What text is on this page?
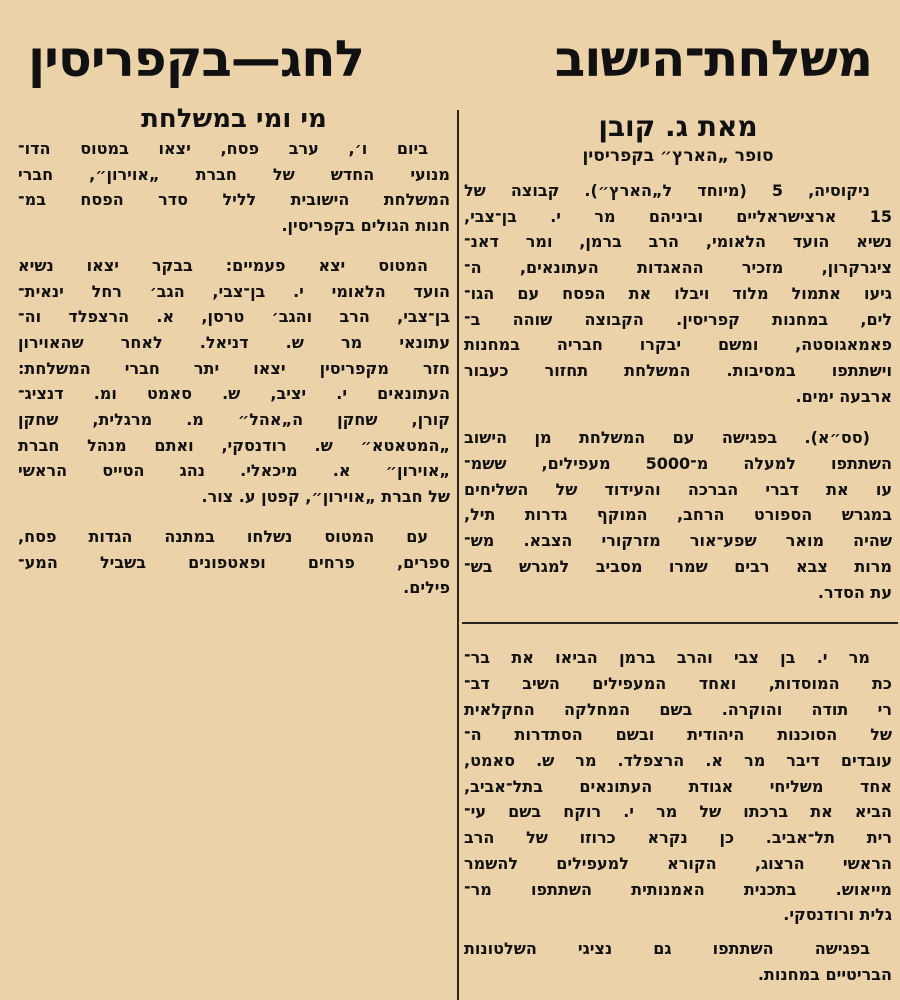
משלחת־הישוב לחג—בקפריסין
מי ומי במשלחת
ביום ו׳, ערב פסח, יצאו במטוס הדו־
מנועי החדש של חברת „אוירון״, חברי
המשלחת הישובית לליל סדר הפסח במ־
חנות הגולים בקפריסין.
המטוס יצא פעמיים: בבקר יצאו נשיא
הועד הלאומי י. בן־צבי, הגב׳ רחל ינאית־
בן־צבי, הרב והגב׳ טרסן, א. הרצפלד וה־
עתונאי מר ש. דניאל. לאחר שהאוירון
חזר מקפריסין יצאו יתר חברי המשלחת:
העתונאים י. יציב, ש. סאמט ומ. דנציג־
קורן, שחקן ה„אהל״ מ. מרגלית, שחקן
„המטאטא״ ש. רודנסקי, ואתם מנהל חברת
„אוירון״ א. מיכאלי. נהג הטייס הראשי
של חברת „אוירון״, קפטן ע. צור.
עם המטוס נשלחו במתנה הגדות פסח,
ספרים, פרחים ופאטפונים בשביל המע־
פילים.
מאת ג. קובן
סופר „הארץ״ בקפריסין
ניקוסיה, 5 (מיוחד ל„הארץ״). קבוצה של
15 ארצישראליים וביניהם מר י. בן־צבי,
נשיא הועד הלאומי, הרב ברמן, ומר דאנ־
ציגרקרון, מזכיר ההאגדות העתונאים, ה־
גיעו אתמול מלוד ויבלו את הפסח עם הגו־
לים, במחנות קפריסין. הקבוצה שוהה ב־
פאמאגוסטה, ומשם יבקרו חבריה במחנות
וישתתפו במסיבות. המשלחת תחזור כעבור
ארבעה ימים.
(סס״א). בפגישה עם המשלחת מן הישוב
השתתפו למעלה מ־5000 מעפילים, ששמ־
עו את דברי הברכה והעידוד של השליחים
במגרש הספורט הרחב, המוקף גדרות תיל,
שהיה מואר שפע־אור מזרקורי הצבא. מש־
מרות צבא רבים שמרו מסביב למגרש בש־
עת הסדר.
מר י. בן צבי והרב ברמן הביאו את בר־
כת המוסדות, ואחד המעפילים השיב דב־
רי תודה והוקרה. בשם המחלקה החקלאית
של הסוכנות היהודית ובשם הסתדרות ה־
עובדים דיבר מר א. הרצפלד. מר ש. סאמט,
אחד משליחי אגודת העתונאים בתל־אביב,
הביא את ברכתו של מר י. רוקח בשם עי־
רית תל־אביב. כן נקרא כרוזו של הרב
הראשי הרצוג, הקורא למעפילים להשמר
מייאוש. בתכנית האמנותית השתתפו מר־
גלית ורודנסקי.
בפגישה השתתפו גם נציגי השלטונות
הבריטיים במחנות.
